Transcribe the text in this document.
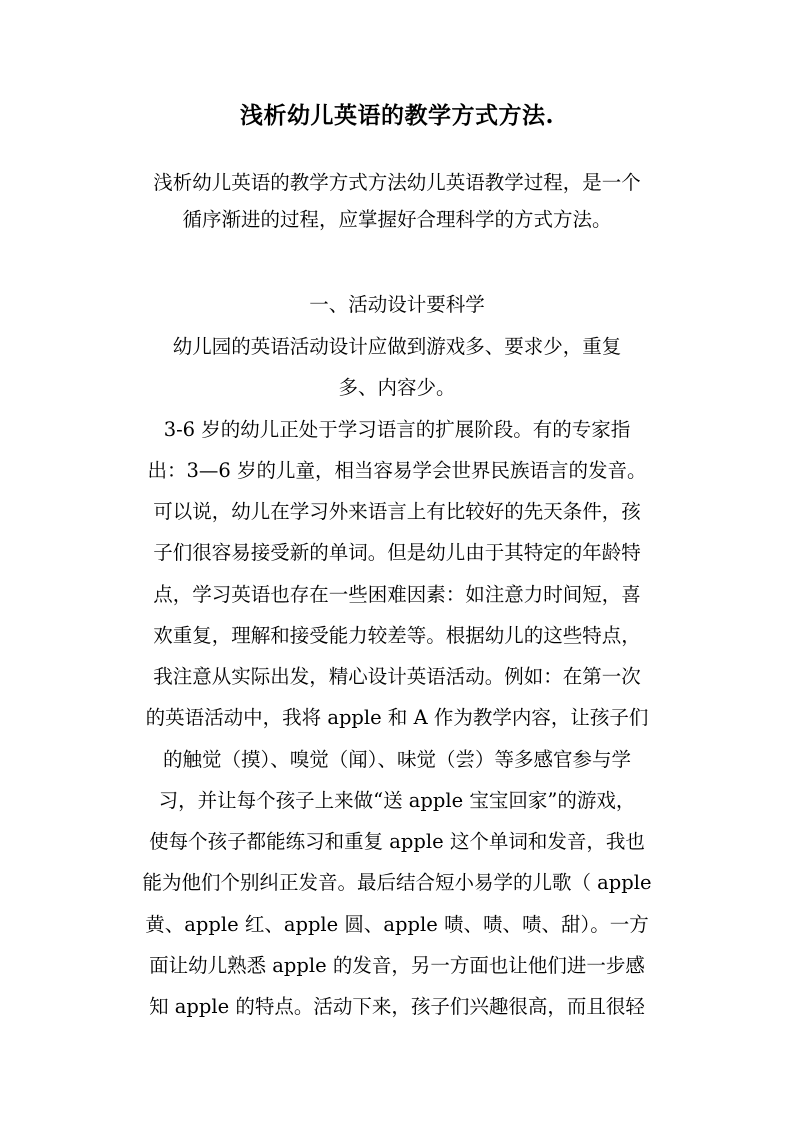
浅析幼儿英语的教学方式方法.
浅析幼儿英语的教学方式方法幼儿英语教学过程，是一个
循序渐进的过程，应掌握好合理科学的方式方法。
一、活动设计要科学
幼儿园的英语活动设计应做到游戏多、要求少，重复
多、内容少。
3-6 岁的幼儿正处于学习语言的扩展阶段。有的专家指
出：3—6 岁的儿童，相当容易学会世界民族语言的发音。
可以说，幼儿在学习外来语言上有比较好的先天条件，孩
子们很容易接受新的单词。但是幼儿由于其特定的年龄特
点，学习英语也存在一些困难因素：如注意力时间短，喜
欢重复，理解和接受能力较差等。根据幼儿的这些特点，
我注意从实际出发，精心设计英语活动。例如：在第一次
的英语活动中，我将 apple 和 A 作为教学内容，让孩子们
的触觉（摸）、嗅觉（闻）、味觉（尝）等多感官参与学
习，并让每个孩子上来做“送 apple 宝宝回家”的游戏，
使每个孩子都能练习和重复 apple 这个单词和发音，我也
能为他们个别纠正发音。最后结合短小易学的儿歌（ apple
黄、apple 红、apple 圆、apple 啧、啧、啧、甜）。一方
面让幼儿熟悉 apple 的发音，另一方面也让他们进一步感
知 apple 的特点。活动下来，孩子们兴趣很高，而且很轻
